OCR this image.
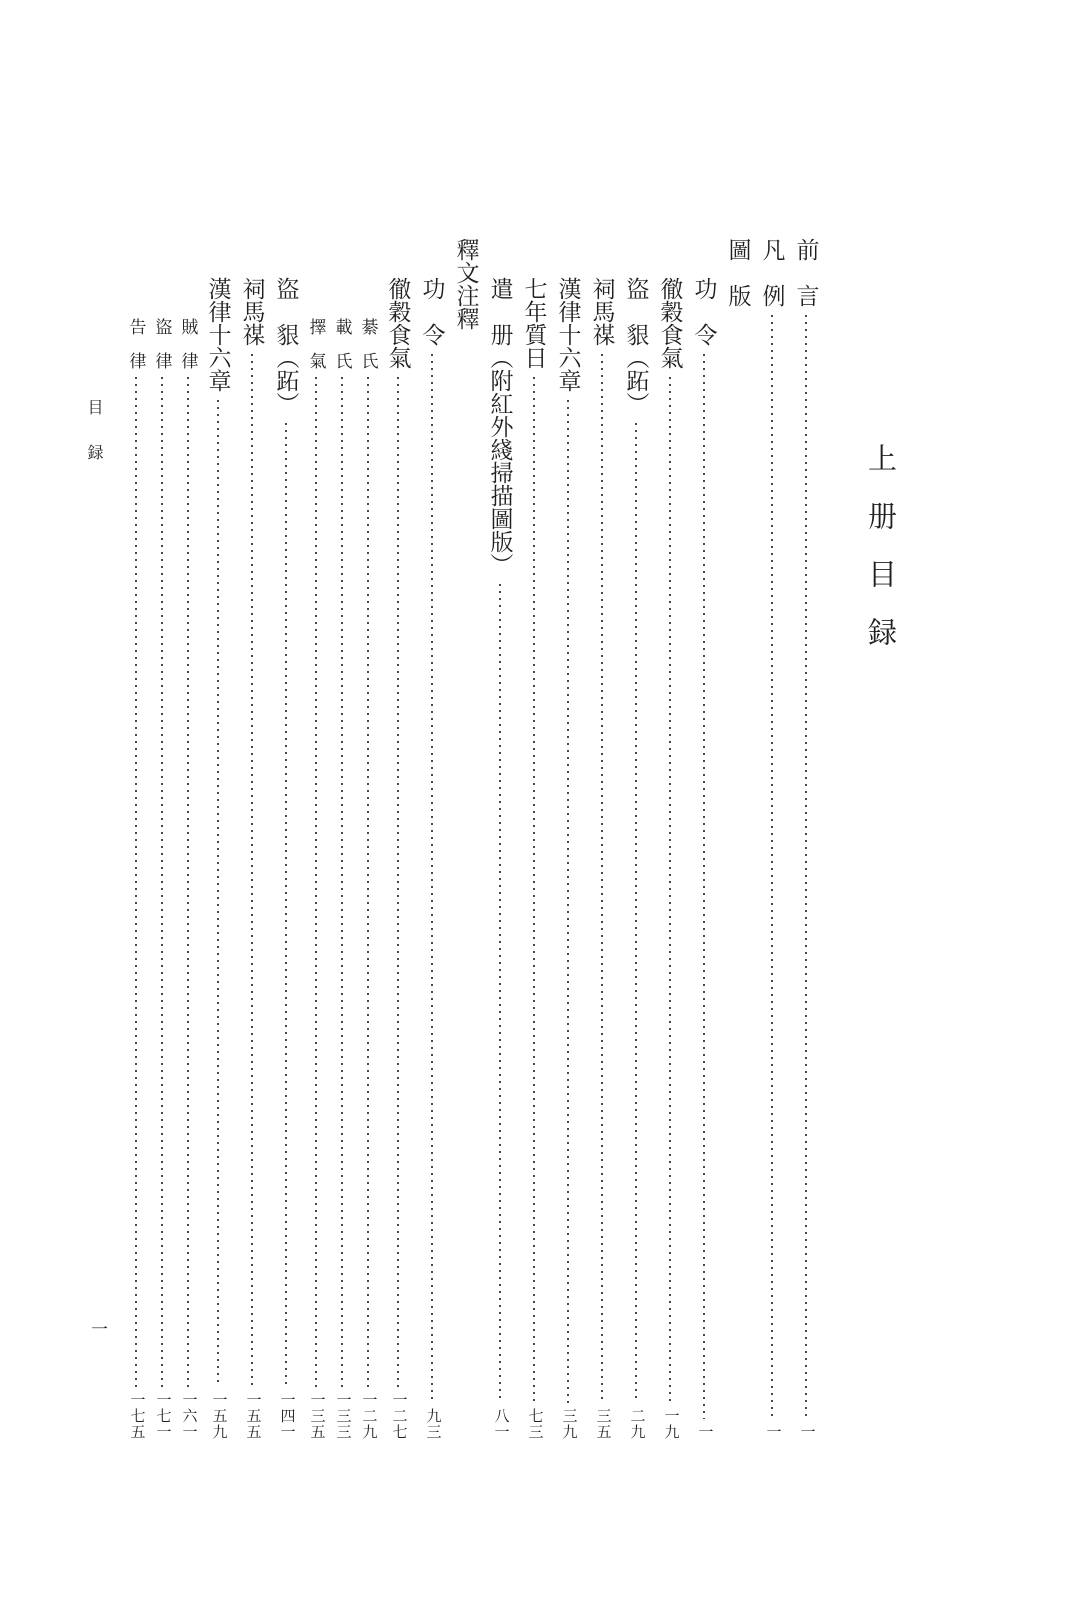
上册目録
前　言
一
凡　例
一
圖　版
功　令
一
徹穀食氣
一九
盜　貇（跖）
二九
祠馬禖
三五
漢律十六章
三九
七年質日
七三
遣　册（附紅外綫掃描圖版）
八一
釋文注釋
功　令
九三
徹穀食氣
一二七
綦　氏
一二九
載　氏
一三三
擇　氣
一三五
盜　貇（跖）
一四一
祠馬禖
一五五
漢律十六章
一五九
賊　律
一六一
盜　律
一七一
告　律
一七五
目録
一
